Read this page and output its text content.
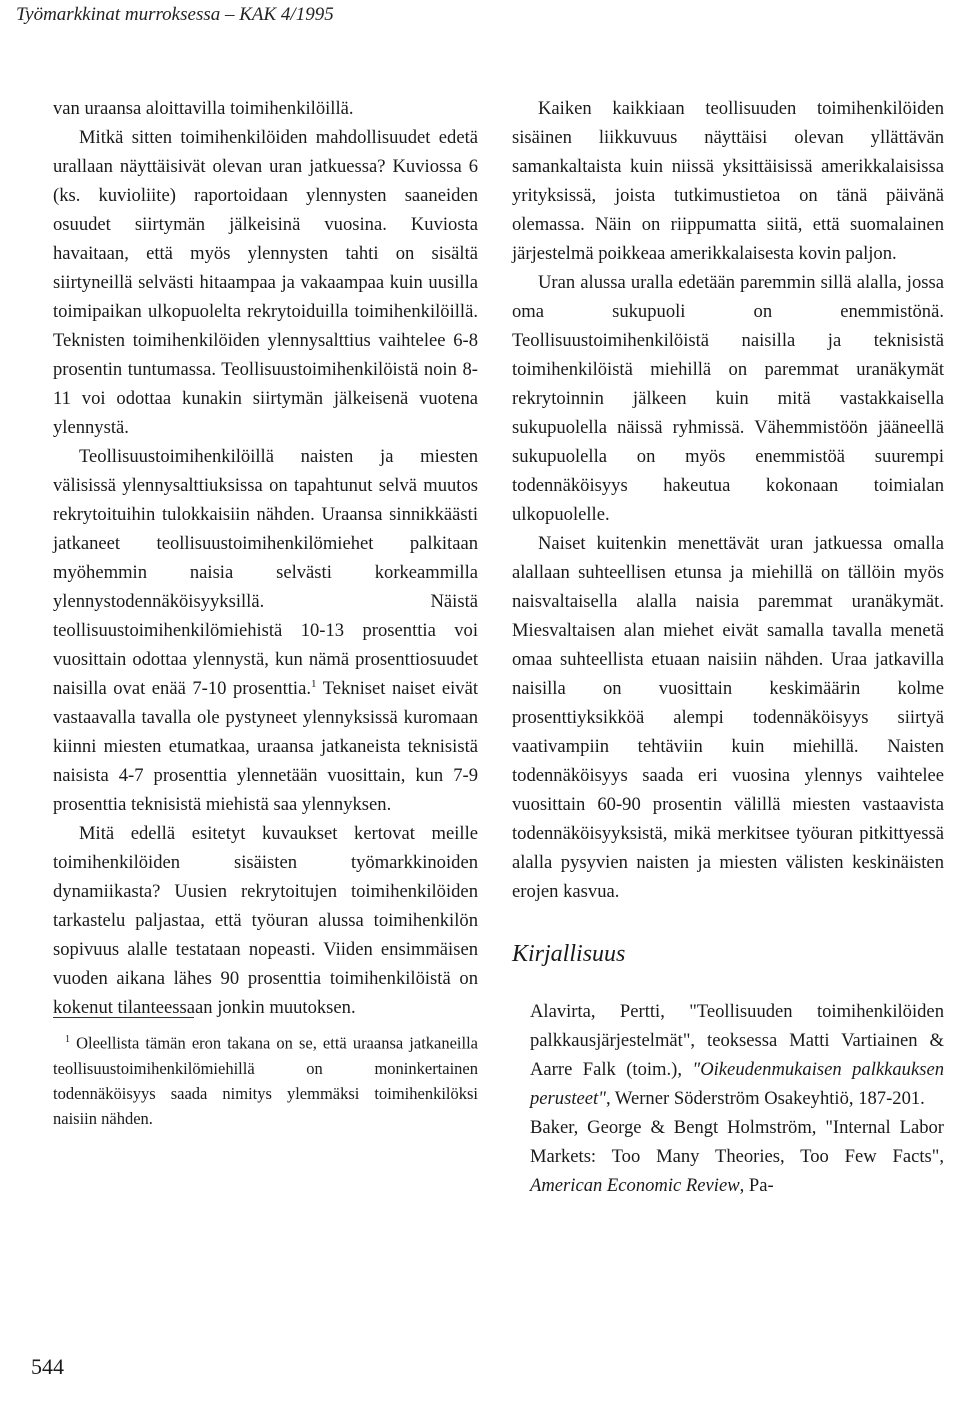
Työmarkkinat murroksessa – KAK 4/1995

van uraansa aloittavilla toimihenkilöillä.

Mitkä sitten toimihenkilöiden mahdollisuudet edetä urallaan näyttäisivät olevan uran jatkuessa? Kuviossa 6 (ks. kuvioliite) raportoidaan ylennysten saaneiden osuudet siirtymän jälkeisinä vuosina. Kuviosta havaitaan, että myös ylennysten tahti on sisältä siirtyneillä selvästi hitaampaa ja vakaampaa kuin uusilla toimipaikan ulkopuolelta rekrytoiduilla toimihenkilöillä. Teknisten toimihenkilöiden ylennysalttius vaihtelee 6-8 prosentin tuntumassa. Teollisuustoimihenkilöistä noin 8-11 voi odottaa kunakin siirtymän jälkeisenä vuotena ylennystä.

Teollisuustoimihenkilöillä naisten ja miesten välisissä ylennysalttiuksissa on tapahtunut selvä muutos rekrytoituihin tulokkaisiin nähden. Uraansa sinnikkäästi jatkaneet teollisuustoimihenkilömiehet palkitaan myöhemmin naisia selvästi korkeammilla ylennystodennäköisyyksillä. Näistä teollisuustoimihenkilömiehistä 10-13 prosenttia voi vuosittain odottaa ylennystä, kun nämä prosenttiosuudet naisilla ovat enää 7-10 prosenttia.$^1$ Tekniset naiset eivät vastaavalla tavalla ole pystyneet ylennyksissä kuromaan kiinni miesten etumatkaa, uraansa jatkaneista teknisistä naisista 4-7 prosenttia ylennetään vuosittain, kun 7-9 prosenttia teknisistä miehistä saa ylennyksen.

Mitä edellä esitetyt kuvaukset kertovat meille toimihenkilöiden sisäisten työmarkkinoiden dynamiikasta? Uusien rekrytoitujen toimihenkilöiden tarkastelu paljastaa, että työuran alussa toimihenkilön sopivuus alalle testataan nopeasti. Viiden ensimmäisen vuoden aikana lähes 90 prosenttia toimihenkilöistä on kokenut tilanteessaan jonkin muutoksen.

$^1$ Oleellista tämän eron takana on se, että uraansa jatkaneilla teollisuustoimihenkilömiehillä on moninkertainen todennäköisyys saada nimitys ylemmäksi toimihenkilöksi naisiin nähden.

Kaiken kaikkiaan teollisuuden toimihenkilöiden sisäinen liikkuvuus näyttäisi olevan yllättävän samankaltaista kuin niissä yksittäisissä amerikkalaisissa yrityksissä, joista tutkimustietoa on tänä päivänä olemassa. Näin on riippumatta siitä, että suomalainen järjestelmä poikkeaa amerikkalaisesta kovin paljon.

Uran alussa uralla edetään paremmin sillä alalla, jossa oma sukupuoli on enemmistönä. Teollisuustoimihenkilöistä naisilla ja teknisistä toimihenkilöistä miehillä on paremmat uranäkymät rekrytoinnin jälkeen kuin mitä vastakkaisella sukupuolella näissä ryhmissä. Vähemmistöön jääneellä sukupuolella on myös enemmistöä suurempi todennäköisyys hakeutua kokonaan toimialan ulkopuolelle.

Naiset kuitenkin menettävät uran jatkuessa omalla alallaan suhteellisen etunsa ja miehillä on tällöin myös naisvaltaisella alalla naisia paremmat uranäkymät. Miesvaltaisen alan miehet eivät samalla tavalla menetä omaa suhteellista etuaan naisiin nähden. Uraa jatkavilla naisilla on vuosittain keskimäärin kolme prosenttiyksikköä alempi todennäköisyys siirtyä vaativampiin tehtäviin kuin miehillä. Naisten todennäköisyys saada eri vuosina ylennys vaihtelee vuosittain 60-90 prosentin välillä miesten vastaavista todennäköisyyksistä, mikä merkitsee työuran pitkittyessä alalla pysyvien naisten ja miesten välisten keskinäisten erojen kasvua.

Kirjallisuus

Alavirta, Pertti, "Teollisuuden toimihenkilöiden palkkausjärjestelmät", teoksessa Matti Vartiainen & Aarre Falk (toim.), "Oikeudenmukaisen palkkauksen perusteet", Werner Söderström Osakeyhtiö, 187-201.

Baker, George & Bengt Holmström, "Internal Labor Markets: Too Many Theories, Too Few Facts", American Economic Review, Pa-

544
